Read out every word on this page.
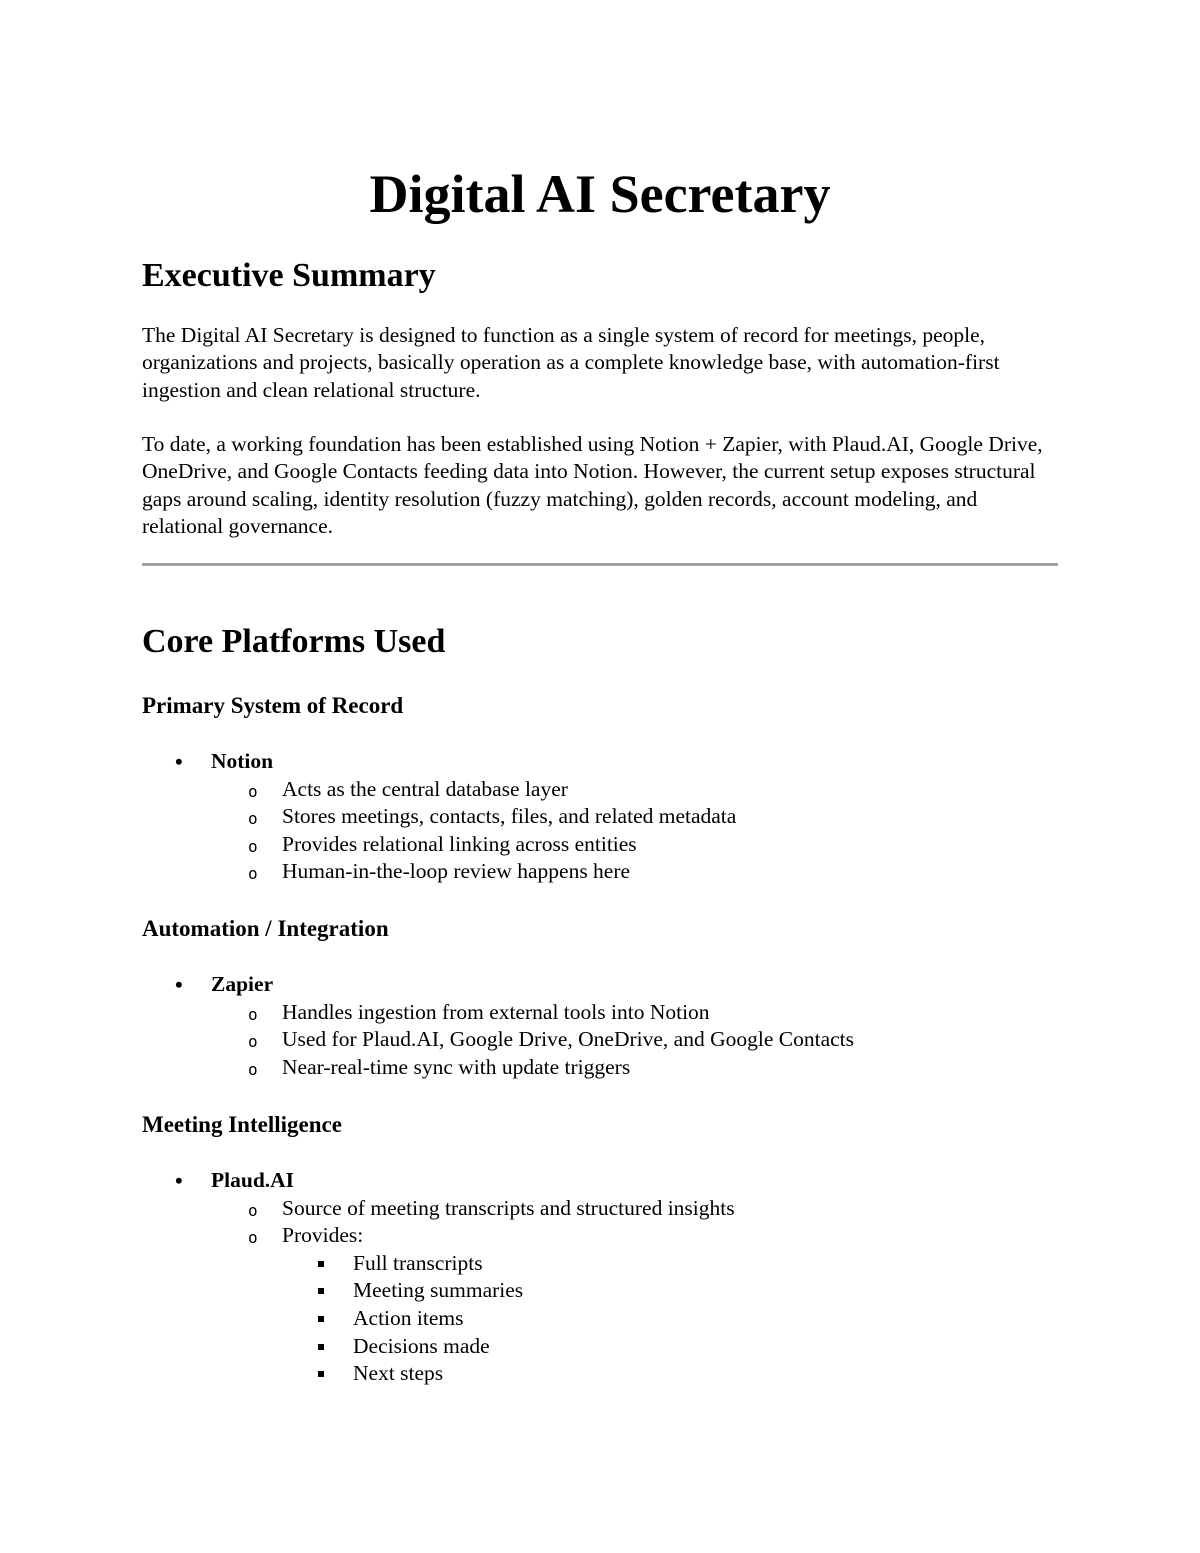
Digital AI Secretary
Executive Summary

The Digital AI Secretary is designed to function as a single system of record for meetings, people, organizations and projects, basically operation as a complete knowledge base, with automation-first ingestion and clean relational structure.

To date, a working foundation has been established using Notion + Zapier, with Plaud.AI, Google Drive, OneDrive, and Google Contacts feeding data into Notion. However, the current setup exposes structural gaps around scaling, identity resolution (fuzzy matching), golden records, account modeling, and relational governance.

Core Platforms Used
Primary System of Record
• Notion
o Acts as the central database layer
o Stores meetings, contacts, files, and related metadata
o Provides relational linking across entities
o Human-in-the-loop review happens here
Automation / Integration
• Zapier
o Handles ingestion from external tools into Notion
o Used for Plaud.AI, Google Drive, OneDrive, and Google Contacts
o Near-real-time sync with update triggers
Meeting Intelligence
• Plaud.AI
o Source of meeting transcripts and structured insights
o Provides:
Full transcripts
Meeting summaries
Action items
Decisions made
Next steps
